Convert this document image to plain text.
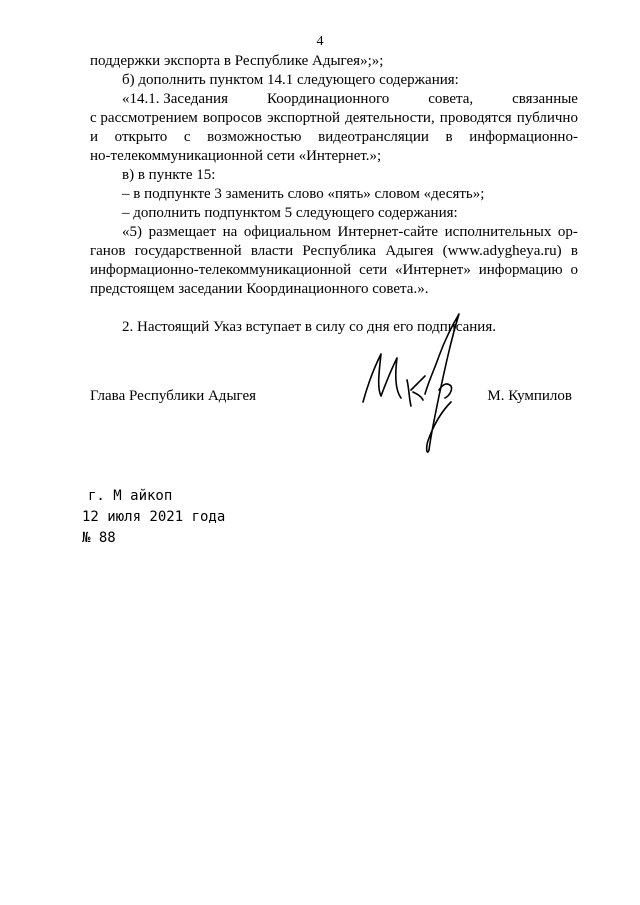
4
поддержки экспорта в Республике Адыгея»;»;
б) дополнить пунктом 14.1 следующего содержания:
«14.1. Заседания	Координационного	совета,	связанные
с рассмотрением вопросов экспортной деятельности, проводятся публично
и открыто с возможностью видеотрансляции в информационно-
но-телекоммуникационной сети «Интернет.»;
в) в пункте 15:
– в подпункте 3 заменить слово «пять» словом «десять»;
– дополнить подпунктом 5 следующего содержания:
«5) размещает на официальном Интернет-сайте исполнительных ор-
ганов государственной власти Республика Адыгея (www.adygheya.ru) в
информационно-телекоммуникационной сети «Интернет» информацию о
предстоящем заседании Координационного совета.».
2. Настоящий Указ вступает в силу со дня его подписания.
Глава Республики Адыгея	М. Кумпилов
г. М айкоп
12 июля 2021 года
№ 88
